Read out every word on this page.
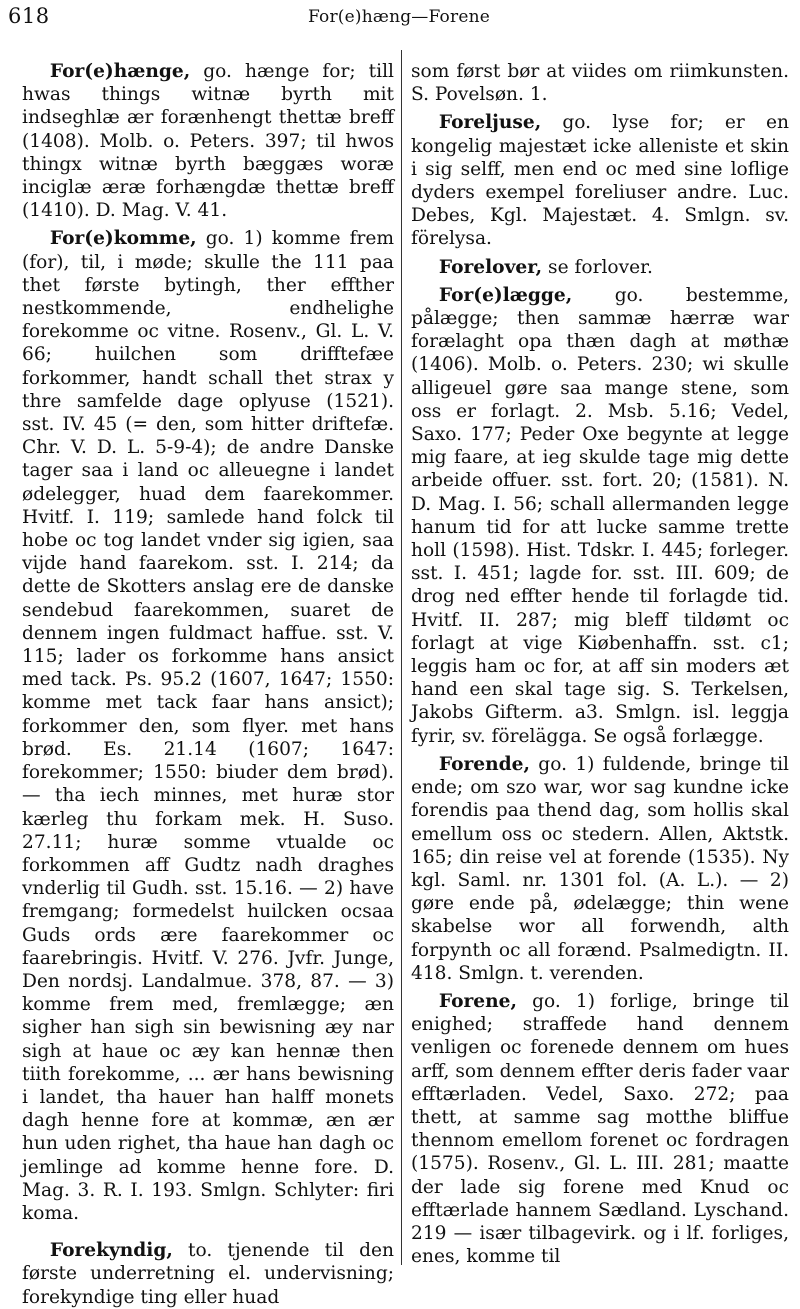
618	For(e)hæng—Forene

For(e)hænge, go. hænge for; till hwas things witnæ byrth mit indseghlæ ær forænhengt thettæ breff (1408). Molb. o. Peters. 397; til hwos thingx witnæ byrth bæggæs woræ inciglæ æræ forhængdæ thettæ breff (1410). D. Mag. V. 41.

For(e)komme, go. 1) komme frem (for), til, i møde; skulle the 111 paa thet første bytingh, ther effther nestkommende, endhelighe forekomme oc vitne. Rosenv., Gl. L. V. 66; huilchen som drifftefæe forkommer, handt schall thet strax y thre samfelde dage oplyuse (1521). sst. IV. 45 (= den, som hitter driftefæ. Chr. V. D. L. 5-9-4); de andre Danske tager saa i land oc alleuegne i landet ødelegger, huad dem faarekommer. Hvitf. I. 119; samlede hand folck til hobe oc tog landet vnder sig igien, saa vijde hand faarekom. sst. I. 214; da dette de Skotters anslag ere de danske sendebud faarekommen, suaret de dennem ingen fuldmact haffue. sst. V. 115; lader os forkomme hans ansict med tack. Ps. 95.2 (1607, 1647; 1550: komme met tack faar hans ansict); forkommer den, som flyer. met hans brød. Es. 21.14 (1607; 1647: forekommer; 1550: biuder dem brød). — tha iech minnes, met huræ stor kærleg thu forkam mek. H. Suso. 27.11; huræ somme vtualde oc forkommen aff Gudtz nadh draghes vnderlig til Gudh. sst. 15.16. — 2) have fremgang; formedelst huilcken ocsaa Guds ords ære faarekommer oc faarebringis. Hvitf. V. 276. Jvfr. Junge, Den nordsj. Landalmue. 378, 87. — 3) komme frem med, fremlægge; æn sigher han sigh sin bewisning æy nar sigh at haue oc æy kan hennæ then tiith forekomme, ... ær hans bewisning i landet, tha hauer han halff monets dagh henne fore at kommæ, æn ær hun uden righet, tha haue han dagh oc jemlinge ad komme henne fore. D. Mag. 3. R. I. 193. Smlgn. Schlyter: firi koma.

Forekyndig, to. tjenende til den første underretning el. undervisning; forekyndige ting eller huad

som først bør at viides om riimkunsten. S. Povelsøn. 1.

Foreljuse, go. lyse for; er en kongelig majestæt icke alleniste et skin i sig selff, men end oc med sine loflige dyders exempel foreliuser andre. Luc. Debes, Kgl. Majestæt. 4. Smlgn. sv. förelysa.

Forelover, se forlover.

For(e)lægge, go. bestemme, pålægge; then sammæ hærræ war forælaght opa thæn dagh at møthæ (1406). Molb. o. Peters. 230; wi skulle alligeuel gøre saa mange stene, som oss er forlagt. 2. Msb. 5.16; Vedel, Saxo. 177; Peder Oxe begynte at legge mig faare, at ieg skulde tage mig dette arbeide offuer. sst. fort. 20; (1581). N. D. Mag. I. 56; schall allermanden legge hanum tid for att lucke samme trette holl (1598). Hist. Tdskr. I. 445; forleger. sst. I. 451; lagde for. sst. III. 609; de drog ned effter hende til forlagde tid. Hvitf. II. 287; mig bleff tildømt oc forlagt at vige Kiøbenhaffn. sst. c1; leggis ham oc for, at aff sin moders æt hand een skal tage sig. S. Terkelsen, Jakobs Gifterm. a3. Smlgn. isl. leggja fyrir, sv. förelägga. Se også forlægge.

Forende, go. 1) fuldende, bringe til ende; om szo war, wor sag kundne icke forendis paa thend dag, som hollis skal emellum oss oc stedern. Allen, Aktstk. 165; din reise vel at forende (1535). Ny kgl. Saml. nr. 1301 fol. (A. L.). — 2) gøre ende på, ødelægge; thin wene skabelse wor all forwendh, alth forpynth oc all forænd. Psalmedigtn. II. 418. Smlgn. t. verenden.

Forene, go. 1) forlige, bringe til enighed; straffede hand dennem venligen oc forenede dennem om hues arff, som dennem effter deris fader vaar efftærladen. Vedel, Saxo. 272; paa thett, at samme sag motthe bliffue thennom emellom forenet oc fordragen (1575). Rosenv., Gl. L. III. 281; maatte der lade sig forene med Knud oc efftærlade hannem Sædland. Lyschand. 219 — især tilbagevirk. og i lf. forliges, enes, komme til
